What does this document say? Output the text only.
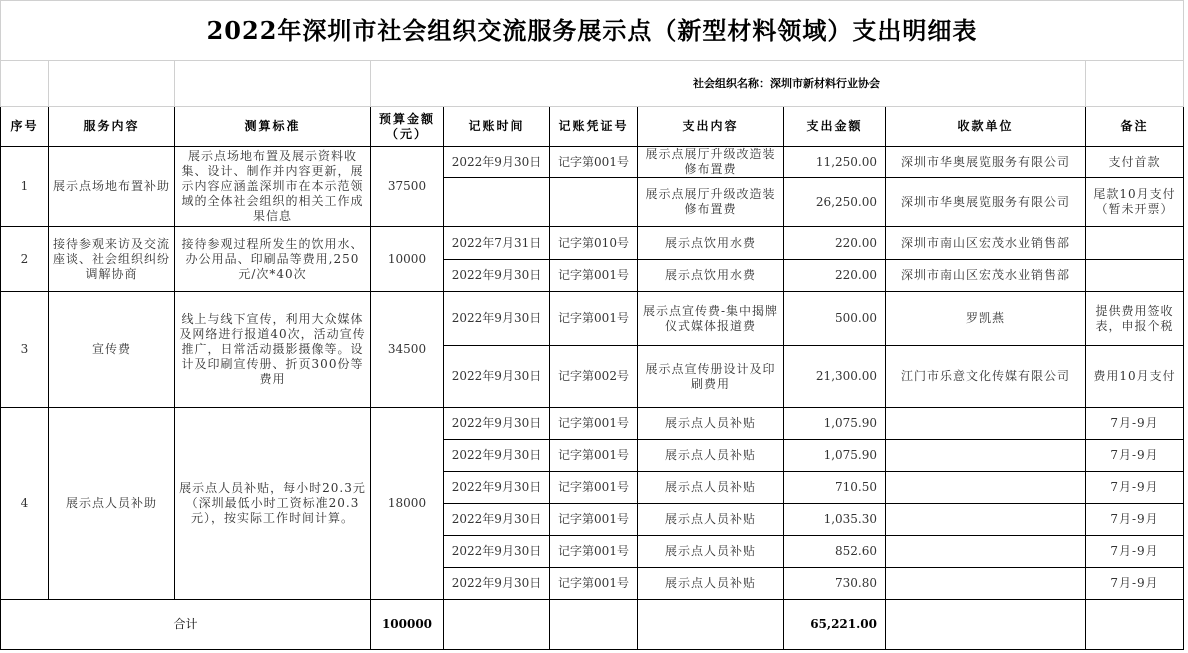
2022年深圳市社会组织交流服务展示点（新型材料领域）支出明细表									
			社会组织名称：深圳市新材料行业协会						
序号	服务内容	测算标准	预算金额（元）	记账时间	记账凭证号	支出内容	支出金额	收款单位	备注
1	展示点场地布置补助	展示点场地布置及展示资料收集、设计、制作并内容更新，展示内容应涵盖深圳市在本示范领域的全体社会组织的相关工作成果信息	37500	2022年9月30日	记字第001号	展示点展厅升级改造装修布置费	11,250.00	深圳市华奥展览服务有限公司	支付首款
						展示点展厅升级改造装修布置费	26,250.00	深圳市华奥展览服务有限公司	尾款10月支付（暂未开票）
2	接待参观来访及交流座谈、社会组织纠纷调解协商	接待参观过程所发生的饮用水、办公用品、印刷品等费用,250元/次*40次	10000	2022年7月31日	记字第010号	展示点饮用水费	220.00	深圳市南山区宏茂水业销售部	
				2022年9月30日	记字第001号	展示点饮用水费	220.00	深圳市南山区宏茂水业销售部	
3	宣传费	线上与线下宣传，利用大众媒体及网络进行报道40次，活动宣传推广，日常活动摄影摄像等。设计及印刷宣传册、折页300份等费用	34500	2022年9月30日	记字第001号	展示点宣传费-集中揭牌仪式媒体报道费	500.00	罗凯燕	提供费用签收表，申报个税
				2022年9月30日	记字第002号	展示点宣传册设计及印刷费用	21,300.00	江门市乐意文化传媒有限公司	费用10月支付
4	展示点人员补助	展示点人员补贴，每小时20.3元（深圳最低小时工资标准20.3元），按实际工作时间计算。	18000	2022年9月30日	记字第001号	展示点人员补贴	1,075.90		7月-9月
				2022年9月30日	记字第001号	展示点人员补贴	1,075.90		7月-9月
				2022年9月30日	记字第001号	展示点人员补贴	710.50		7月-9月
				2022年9月30日	记字第001号	展示点人员补贴	1,035.30		7月-9月
				2022年9月30日	记字第001号	展示点人员补贴	852.60		7月-9月
				2022年9月30日	记字第001号	展示点人员补贴	730.80		7月-9月
合计			100000				65,221.00		
